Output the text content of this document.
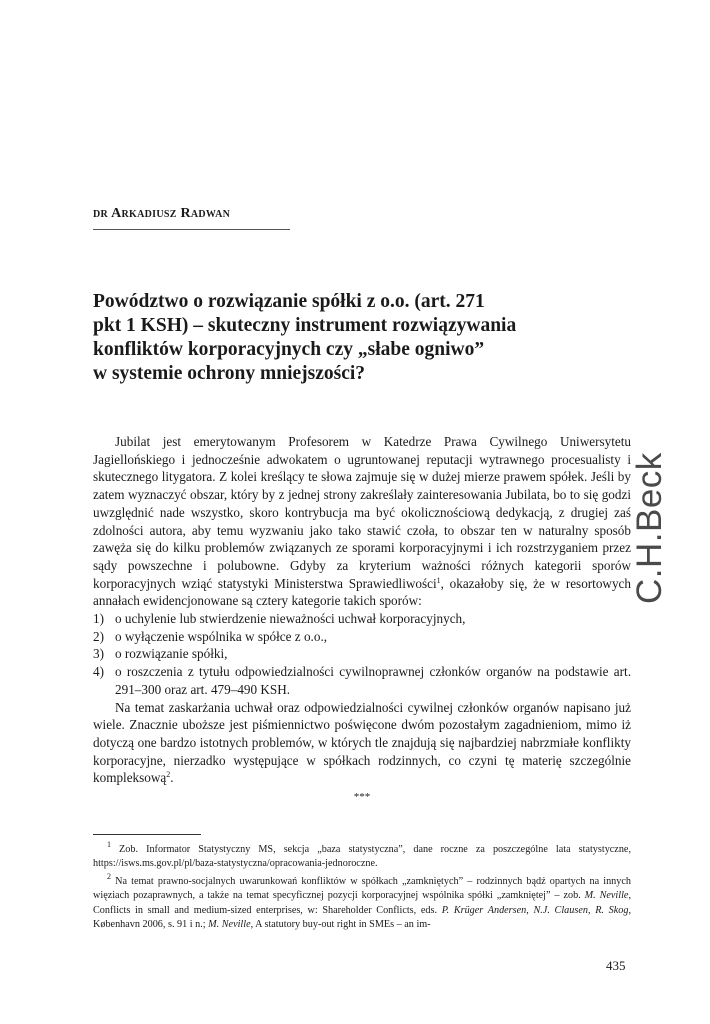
dr Arkadiusz Radwan
Powództwo o rozwiązanie spółki z o.o. (art. 271
pkt 1 KSH) – skuteczny instrument rozwiązywania
konfliktów korporacyjnych czy „słabe ogniwo”
w systemie ochrony mniejszości?
C.H.Beck

Jubilat jest emerytowanym Profesorem w Katedrze Prawa Cywilnego Uniwersytetu Jagiellońskiego i jednocześnie adwokatem o ugruntowanej reputacji wytrawnego procesualisty i skutecznego litygatora. Z kolei kreślący te słowa zajmuje się w dużej mierze prawem spółek. Jeśli by zatem wyznaczyć obszar, który by z jednej strony zakreślały zainteresowania Jubilata, bo to się godzi uwzględnić nade wszystko, skoro kontrybucja ma być okolicznościową dedykacją, z drugiej zaś zdolności autora, aby temu wyzwaniu jako tako stawić czoła, to obszar ten w naturalny sposób zawęża się do kilku problemów związanych ze sporami korporacyjnymi i ich rozstrzyganiem przez sądy powszechne i polubowne. Gdyby za kryterium ważności różnych kategorii sporów korporacyjnych wziąć statystyki Ministerstwa Sprawiedliwości$^1$, okazałoby się, że w resortowych annałach ewidencjonowane są cztery kategorie takich sporów:

1) o uchylenie lub stwierdzenie nieważności uchwał korporacyjnych,
2) o wyłączenie wspólnika w spółce z o.o.,
3) o rozwiązanie spółki,
4) o roszczenia z tytułu odpowiedzialności cywilnoprawnej członków organów na podstawie art. 291–300 oraz art. 479–490 KSH.

Na temat zaskarżania uchwał oraz odpowiedzialności cywilnej członków organów napisano już wiele. Znacznie uboższe jest piśmiennictwo poświęcone dwóm pozostałym zagadnieniom, mimo iż dotyczą one bardzo istotnych problemów, w których tle znajdują się najbardziej nabrzmiałe konflikty korporacyjne, nierzadko występujące w spółkach rodzinnych, co czyni tę materię szczególnie kompleksową$^2$.

***

$^1$ Zob. Informator Statystyczny MS, sekcja „baza statystyczna”, dane roczne za poszczególne lata statystyczne, https://isws.ms.gov.pl/pl/baza-statystyczna/opracowania-jednoroczne.

$^2$ Na temat prawno-socjalnych uwarunkowań konfliktów w spółkach „zamkniętych” – rodzinnych bądź opartych na innych więziach pozaprawnych, a także na temat specyficznej pozycji korporacyjnej wspólnika spółki „zamkniętej” – zob. M. Neville, Conflicts in small and medium-sized enterprises, w: Shareholder Conflicts, eds. P. Krüger Andersen, N.J. Clausen, R. Skog, København 2006, s. 91 i n.; M. Neville, A statutory buy-out right in SMEs – an im-

435
